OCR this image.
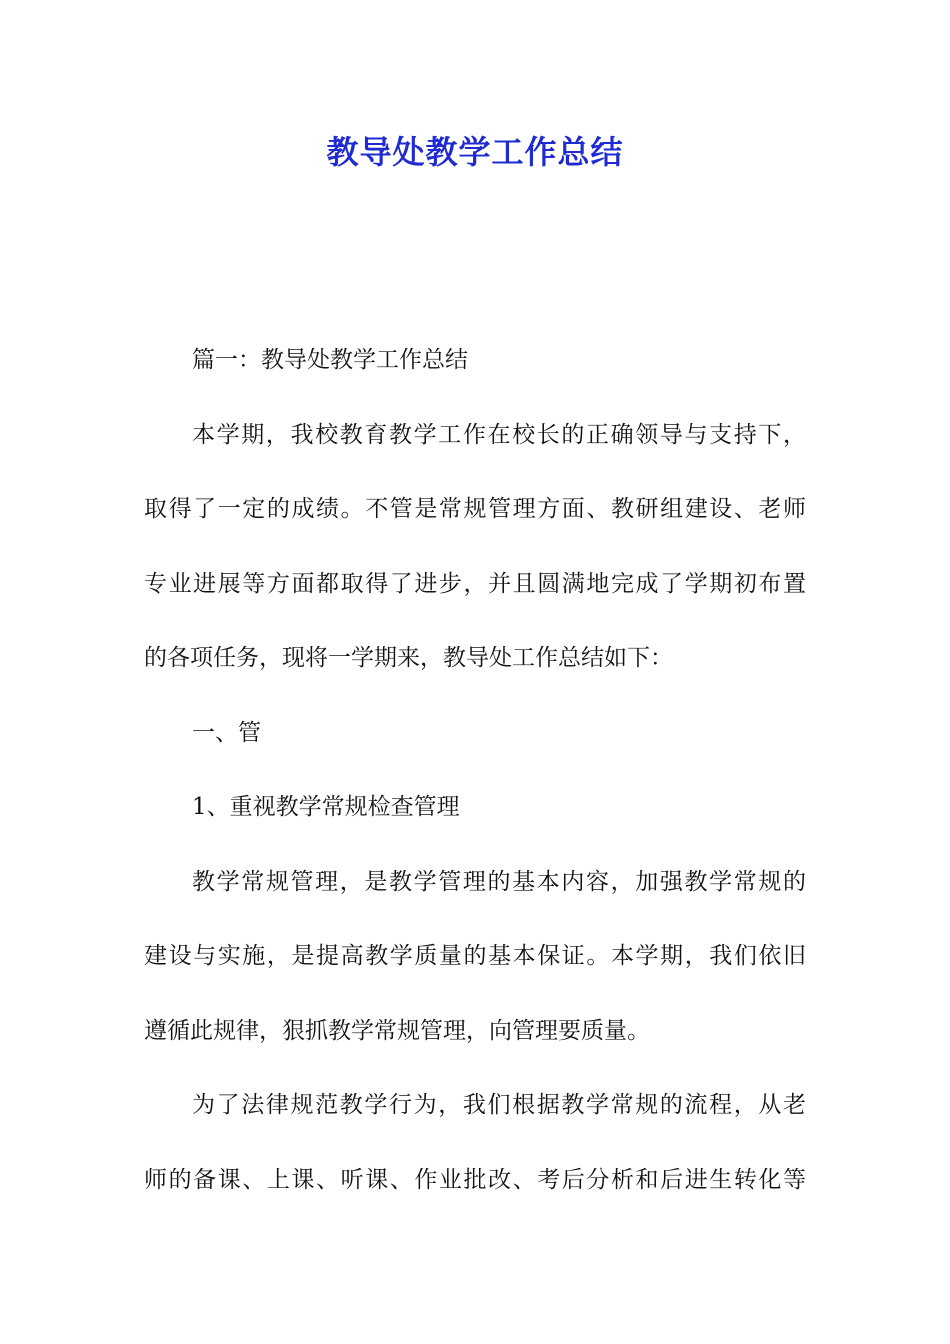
教导处教学工作总结
篇一：教导处教学工作总结
本学期，我校教育教学工作在校长的正确领导与支持下，
取得了一定的成绩。不管是常规管理方面、教研组建设、老师
专业进展等方面都取得了进步，并且圆满地完成了学期初布置
的各项任务，现将一学期来，教导处工作总结如下：
一、管
1、重视教学常规检查管理
教学常规管理，是教学管理的基本内容，加强教学常规的
建设与实施，是提高教学质量的基本保证。本学期，我们依旧
遵循此规律，狠抓教学常规管理，向管理要质量。
为了法律规范教学行为，我们根据教学常规的流程，从老
师的备课、上课、听课、作业批改、考后分析和后进生转化等
